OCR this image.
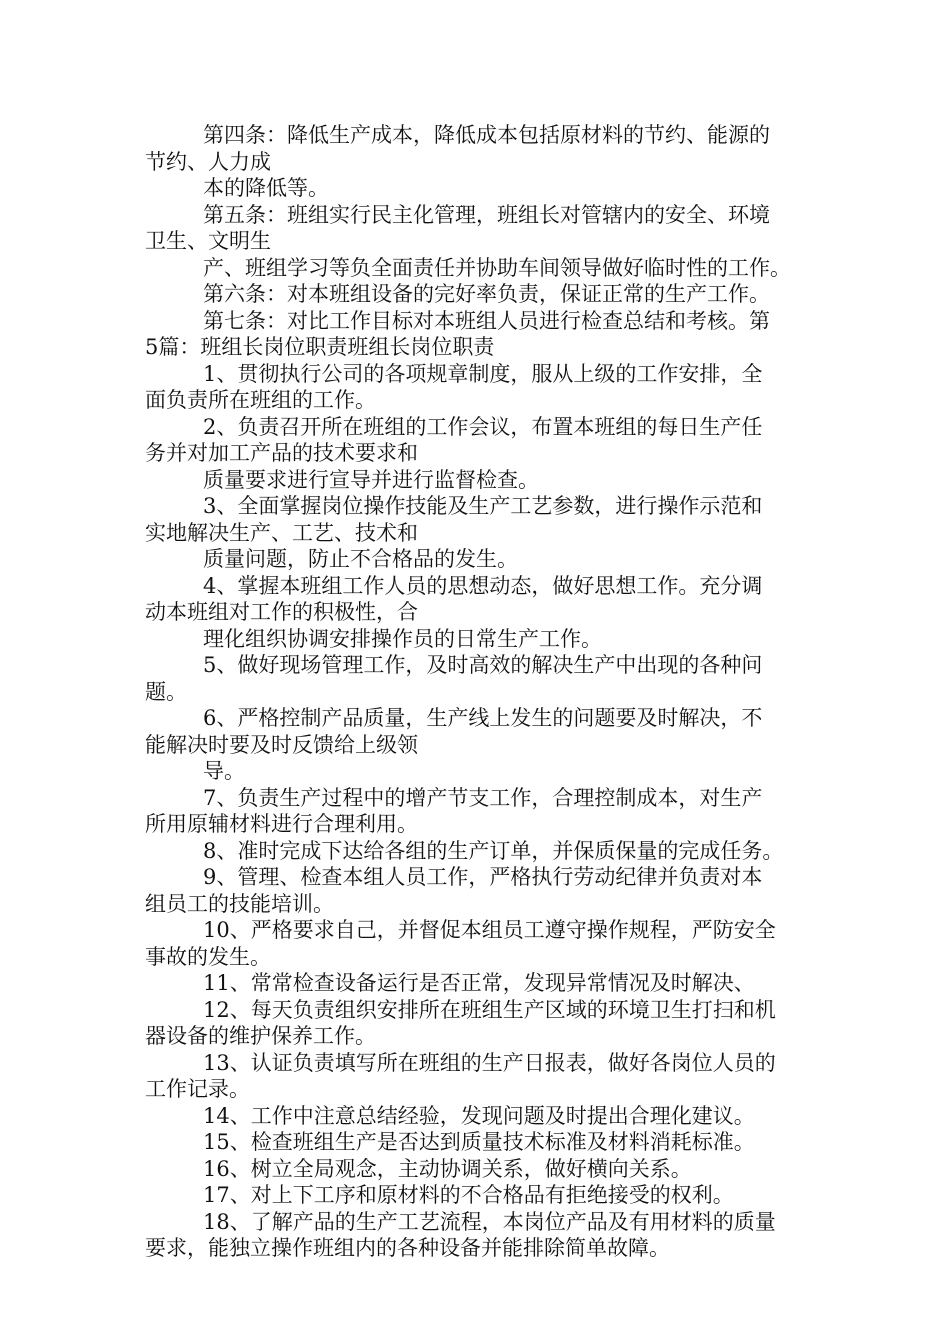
第四条：降低生产成本，降低成本包括原材料的节约、能源的
节约、人力成
本的降低等。
第五条：班组实行民主化管理，班组长对管辖内的安全、环境
卫生、文明生
产、班组学习等负全面责任并协助车间领导做好临时性的工作。
第六条：对本班组设备的完好率负责，保证正常的生产工作。
第七条：对比工作目标对本班组人员进行检查总结和考核。第
5篇：班组长岗位职责班组长岗位职责
1、贯彻执行公司的各项规章制度，服从上级的工作安排，全
面负责所在班组的工作。
2、负责召开所在班组的工作会议，布置本班组的每日生产任
务并对加工产品的技术要求和
质量要求进行宣导并进行监督检查。
3、全面掌握岗位操作技能及生产工艺参数，进行操作示范和
实地解决生产、工艺、技术和
质量问题，防止不合格品的发生。
4、掌握本班组工作人员的思想动态，做好思想工作。充分调
动本班组对工作的积极性，合
理化组织协调安排操作员的日常生产工作。
5、做好现场管理工作，及时高效的解决生产中出现的各种问
题。
6、严格控制产品质量，生产线上发生的问题要及时解决，不
能解决时要及时反馈给上级领
导。
7、负责生产过程中的增产节支工作，合理控制成本，对生产
所用原辅材料进行合理利用。
8、准时完成下达给各组的生产订单，并保质保量的完成任务。
9、管理、检查本组人员工作，严格执行劳动纪律并负责对本
组员工的技能培训。
10、严格要求自己，并督促本组员工遵守操作规程，严防安全
事故的发生。
11、常常检查设备运行是否正常，发现异常情况及时解决、
12、每天负责组织安排所在班组生产区域的环境卫生打扫和机
器设备的维护保养工作。
13、认证负责填写所在班组的生产日报表，做好各岗位人员的
工作记录。
14、工作中注意总结经验，发现问题及时提出合理化建议。
15、检查班组生产是否达到质量技术标准及材料消耗标准。
16、树立全局观念，主动协调关系，做好横向关系。
17、对上下工序和原材料的不合格品有拒绝接受的权利。
18、了解产品的生产工艺流程，本岗位产品及有用材料的质量
要求，能独立操作班组内的各种设备并能排除简单故障。
